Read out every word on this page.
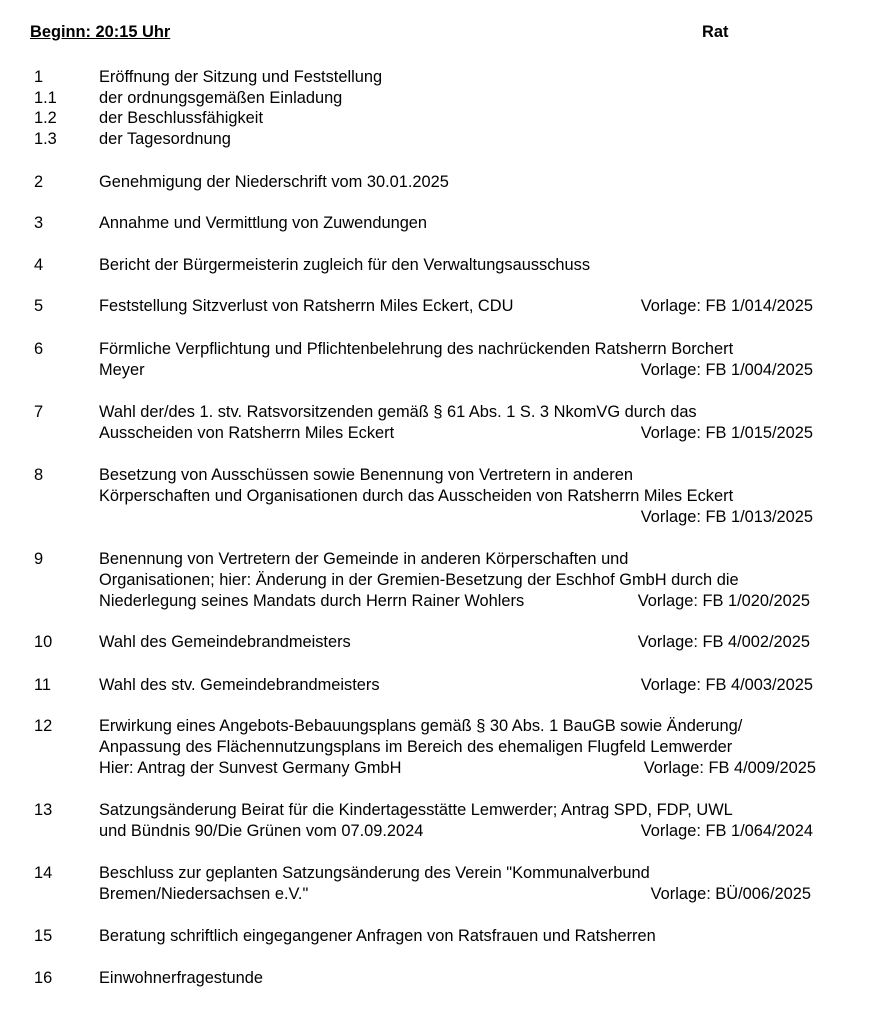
Beginn: 20:15 Uhr	Rat
1	Eröffnung der Sitzung und Feststellung
1.1	der ordnungsgemäßen Einladung
1.2	der Beschlussfähigkeit
1.3	der Tagesordnung
2	Genehmigung der Niederschrift vom 30.01.2025
3	Annahme und Vermittlung von Zuwendungen
4	Bericht der Bürgermeisterin zugleich für den Verwaltungsausschuss
5	Feststellung Sitzverlust von Ratsherrn Miles Eckert, CDU	Vorlage: FB 1/014/2025
6	Förmliche Verpflichtung und Pflichtenbelehrung des nachrückenden Ratsherrn Borchert
Meyer	Vorlage: FB 1/004/2025
7	Wahl der/des 1. stv. Ratsvorsitzenden gemäß § 61 Abs. 1 S. 3 NkomVG durch das
Ausscheiden von Ratsherrn Miles Eckert	Vorlage: FB 1/015/2025
8	Besetzung von Ausschüssen sowie Benennung von Vertretern in anderen
Körperschaften und Organisationen durch das Ausscheiden von Ratsherrn Miles Eckert
Vorlage: FB 1/013/2025
9	Benennung von Vertretern der Gemeinde in anderen Körperschaften und
Organisationen; hier: Änderung in der Gremien-Besetzung der Eschhof GmbH durch die
Niederlegung seines Mandats durch Herrn Rainer Wohlers	Vorlage: FB 1/020/2025
10	Wahl des Gemeindebrandmeisters	Vorlage: FB 4/002/2025
11	Wahl des stv. Gemeindebrandmeisters	Vorlage: FB 4/003/2025
12	Erwirkung eines Angebots-Bebauungsplans gemäß § 30 Abs. 1 BauGB sowie Änderung/
Anpassung des Flächennutzungsplans im Bereich des ehemaligen Flugfeld Lemwerder
Hier: Antrag der Sunvest Germany GmbH	Vorlage: FB 4/009/2025
13	Satzungsänderung Beirat für die Kindertagesstätte Lemwerder; Antrag SPD, FDP, UWL
und Bündnis 90/Die Grünen vom 07.09.2024	Vorlage: FB 1/064/2024
14	Beschluss zur geplanten Satzungsänderung des Verein "Kommunalverbund
Bremen/Niedersachsen e.V."	Vorlage: BÜ/006/2025
15	Beratung schriftlich eingegangener Anfragen von Ratsfrauen und Ratsherren
16	Einwohnerfragestunde
